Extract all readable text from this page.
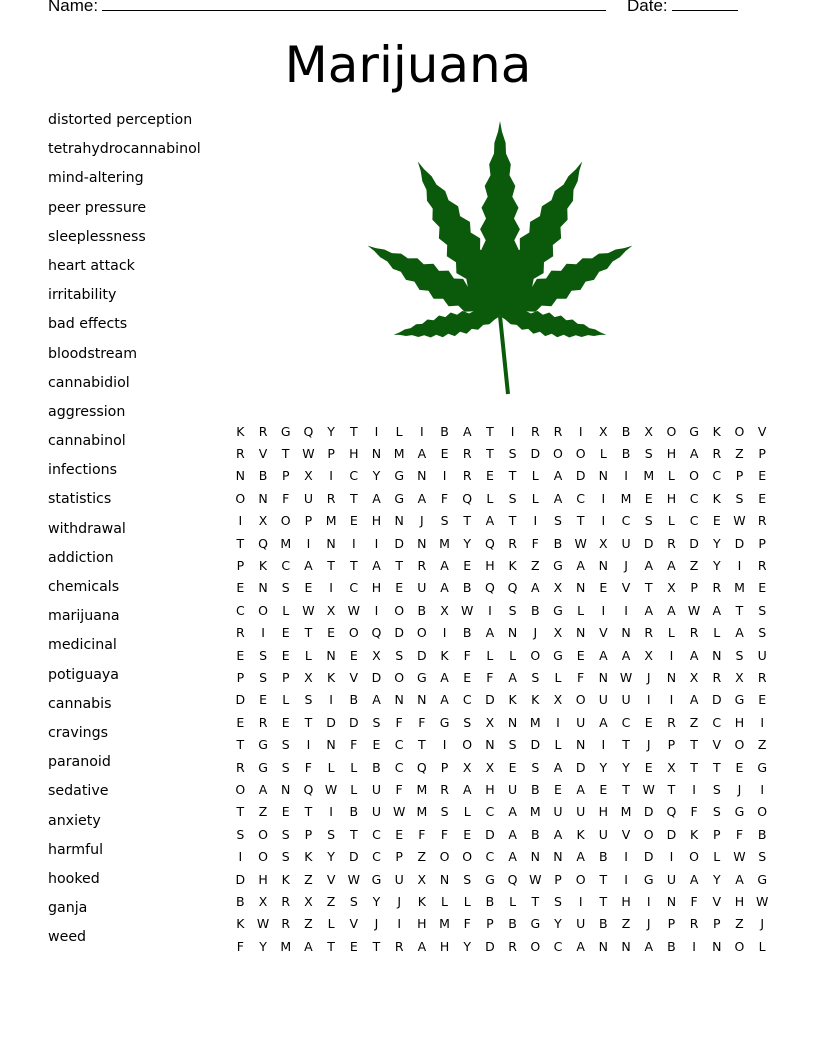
Name:	Date:
Marijuana
distorted perception
tetrahydrocannabinol
mind-altering
peer pressure
sleeplessness
heart attack
irritability
bad effects
bloodstream
cannabidiol
aggression
cannabinol
infections
statistics
withdrawal
addiction
chemicals
marijuana
medicinal
potiguaya
cannabis
cravings
paranoid
sedative
anxiety
harmful
hooked
ganja
weed
K	R	G	Q	Y	T	I	L	I	B	A	T	I	R	R	I	X	B	X	O	G	K	O	V
R	V	T	W	P	H	N	M	A	E	R	T	S	D	O	O	L	B	S	H	A	R	Z	P
N	B	P	X	I	C	Y	G	N	I	R	E	T	L	A	D	N	I	M	L	O	C	P	E
O	N	F	U	R	T	A	G	A	F	Q	L	S	L	A	C	I	M	E	H	C	K	S	E
I	X	O	P	M	E	H	N	J	S	T	A	T	I	S	T	I	C	S	L	C	E	W	R
T	Q	M	I	N	I	I	D	N	M	Y	Q	R	F	B	W	X	U	D	R	D	Y	D	P
P	K	C	A	T	T	A	T	R	A	E	H	K	Z	G	A	N	J	A	A	Z	Y	I	R
E	N	S	E	I	C	H	E	U	A	B	Q	Q	A	X	N	E	V	T	X	P	R	M	E
C	O	L	W	X	W	I	O	B	X	W	I	S	B	G	L	I	I	A	A	W	A	T	S
R	I	E	T	E	O	Q	D	O	I	B	A	N	J	X	N	V	N	R	L	R	L	A	S
E	S	E	L	N	E	X	S	D	K	F	L	L	O	G	E	A	A	X	I	A	N	S	U
P	S	P	X	K	V	D	O	G	A	E	F	A	S	L	F	N	W	J	N	X	R	X	R
D	E	L	S	I	B	A	N	N	A	C	D	K	K	X	O	U	U	I	I	A	D	G	E
E	R	E	T	D	D	S	F	F	G	S	X	N	M	I	U	A	C	E	R	Z	C	H	I
T	G	S	I	N	F	E	C	T	I	O	N	S	D	L	N	I	T	J	P	T	V	O	Z
R	G	S	F	L	L	B	C	Q	P	X	X	E	S	A	D	Y	Y	E	X	T	T	E	G
O	A	N	Q	W	L	U	F	M	R	A	H	U	B	E	A	E	T	W	T	I	S	J	I
T	Z	E	T	I	B	U	W	M	S	L	C	A	M	U	U	H	M	D	Q	F	S	G	O
S	O	S	P	S	T	C	E	F	F	E	D	A	B	A	K	U	V	O	D	K	P	F	B
I	O	S	K	Y	D	C	P	Z	O	O	C	A	N	N	A	B	I	D	I	O	L	W	S
D	H	K	Z	V	W	G	U	X	N	S	G	Q	W	P	O	T	I	G	U	A	Y	A	G
B	X	R	X	Z	S	Y	J	K	L	L	B	L	T	S	I	T	H	I	N	F	V	H	W
K	W	R	Z	L	V	J	I	H	M	F	P	B	G	Y	U	B	Z	J	P	R	P	Z	J
F	Y	M	A	T	E	T	R	A	H	Y	D	R	O	C	A	N	N	A	B	I	N	O	L
